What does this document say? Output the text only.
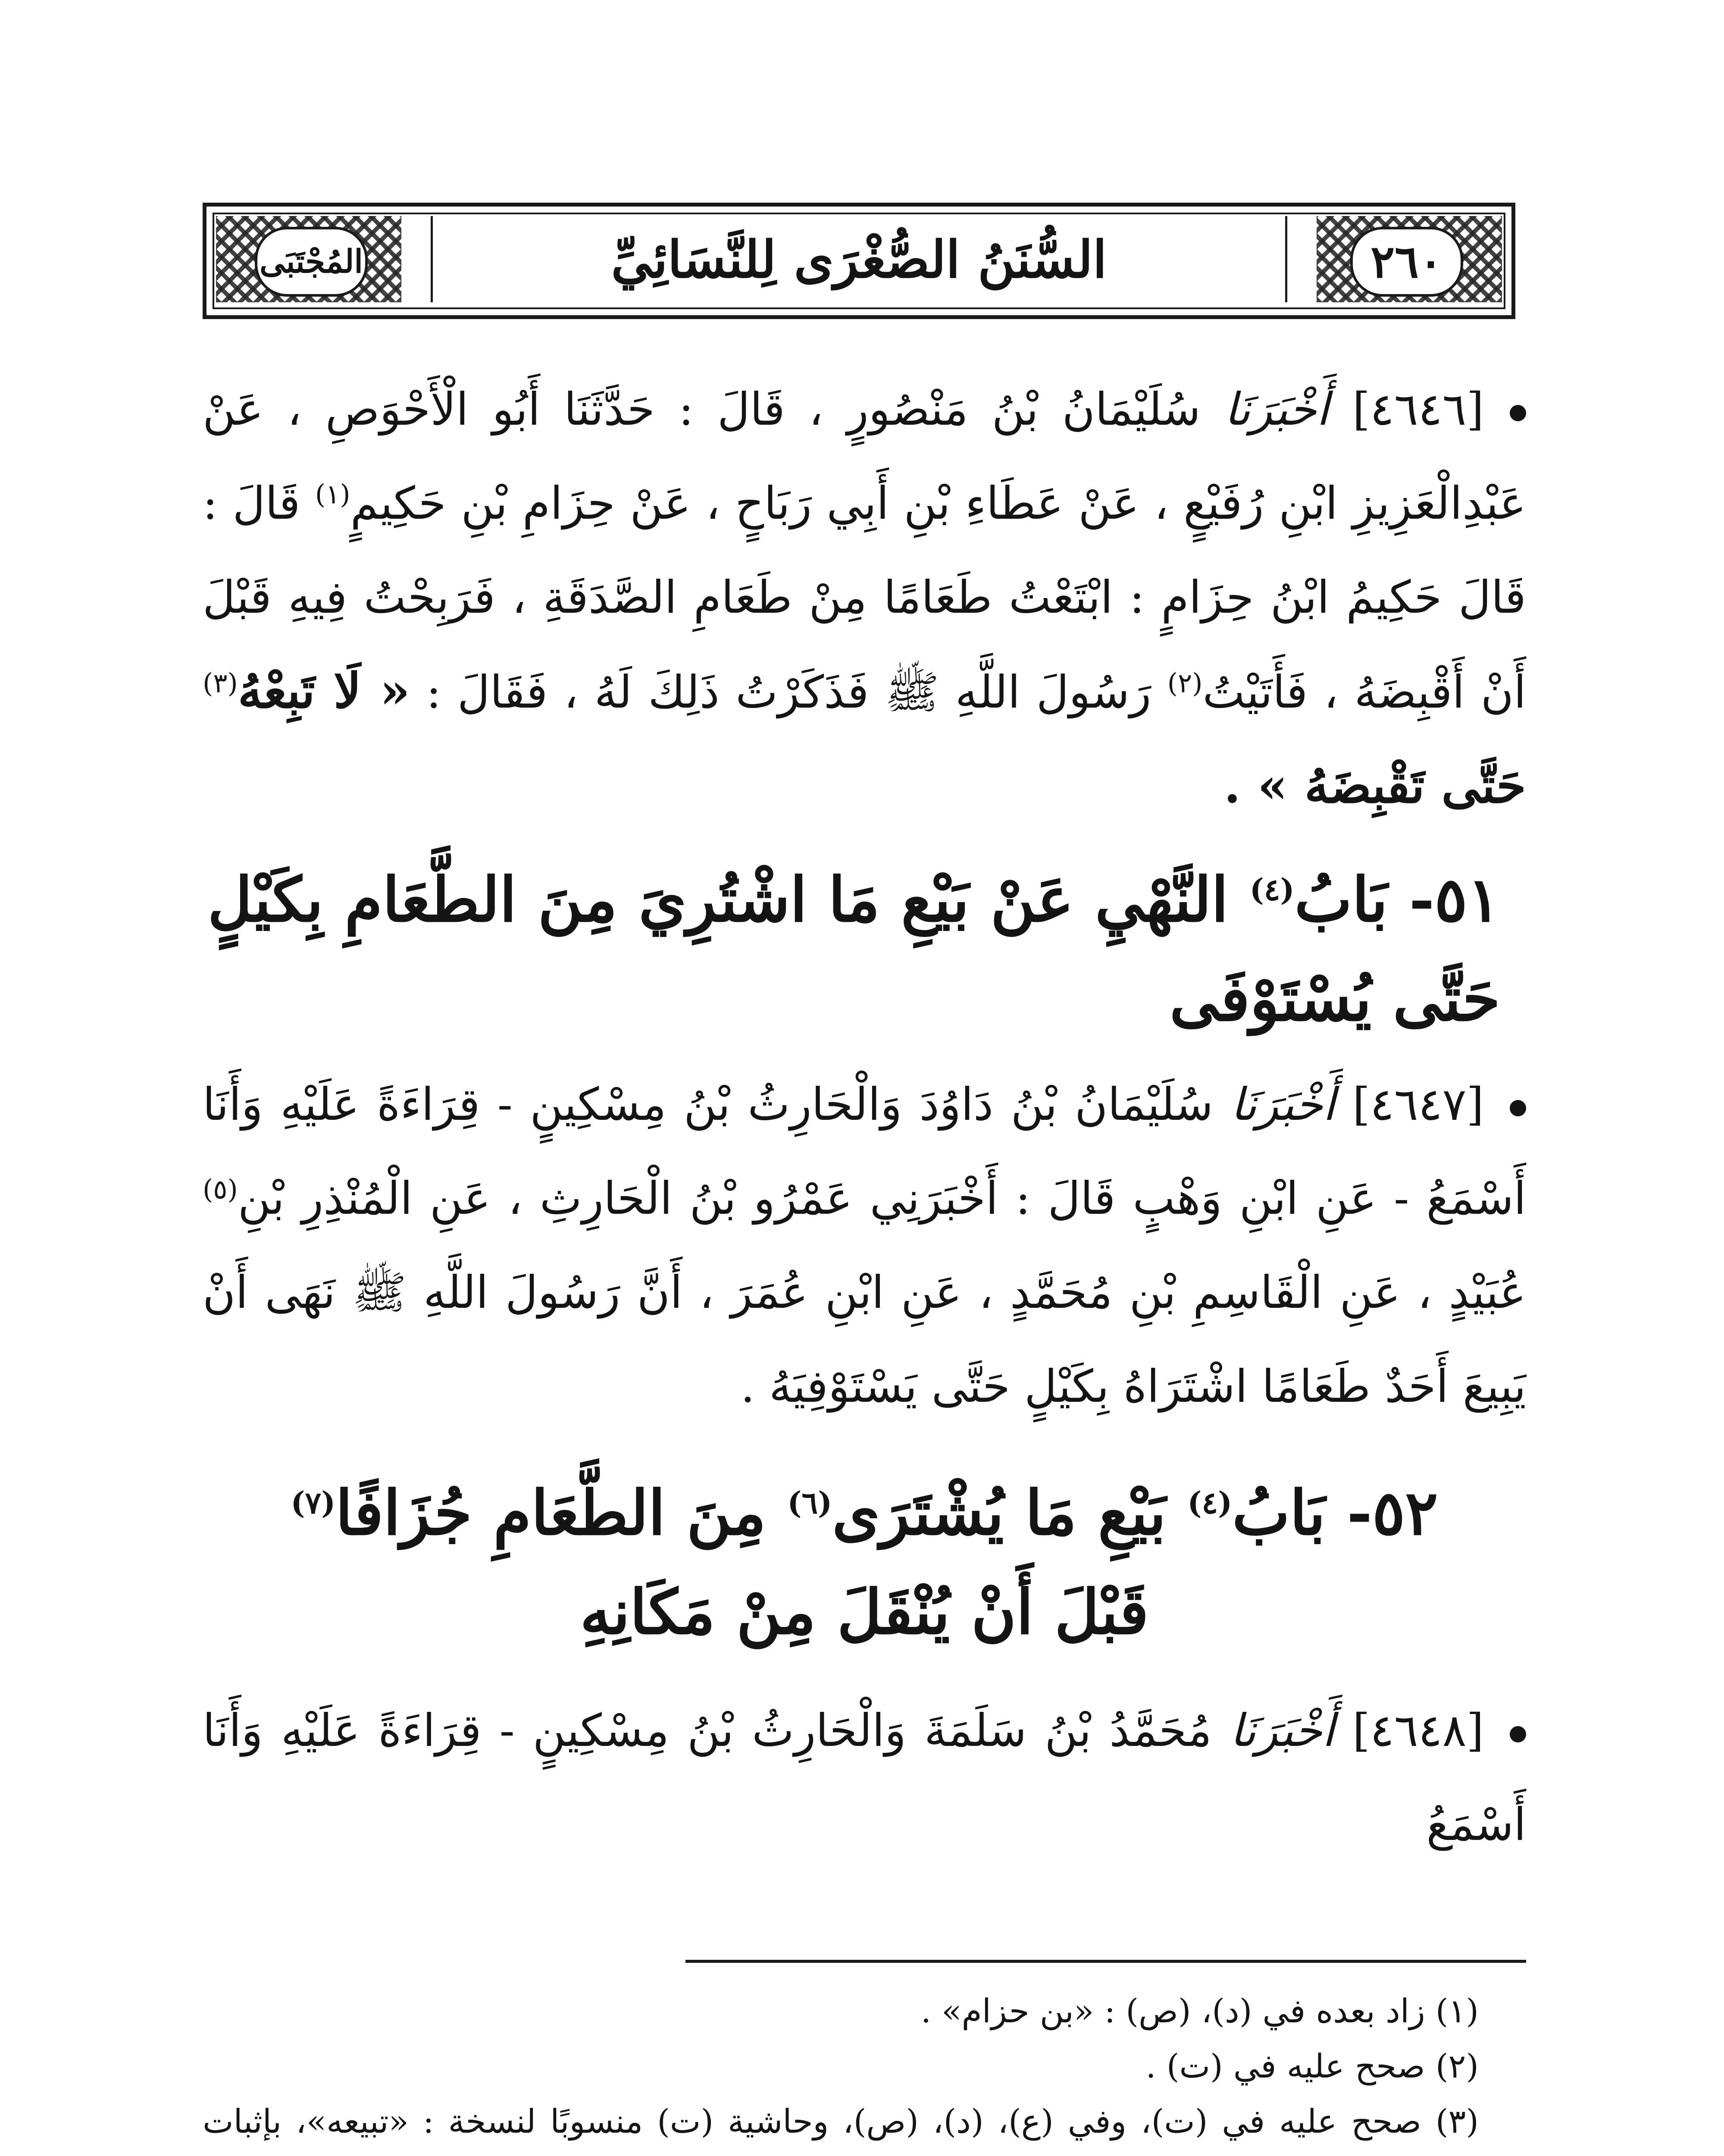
٢٦٠
السُّنَنُ الصُّغْرَى لِلنَّسَائِيِّ
المُجْتَبَى

[٤٦٤٦] أَخْبَرَنَا سُلَيْمَانُ بْنُ مَنْصُورٍ ، قَالَ : حَدَّثَنَا أَبُو الْأَحْوَصِ ، عَنْ عَبْدِالْعَزِيزِ ابْنِ رُفَيْعٍ ، عَنْ عَطَاءِ بْنِ أَبِي رَبَاحٍ ، عَنْ حِزَامِ بْنِ حَكِيمٍ$^{(١)}$ قَالَ : قَالَ حَكِيمُ ابْنُ حِزَامٍ : ابْتَعْتُ طَعَامًا مِنْ طَعَامِ الصَّدَقَةِ ، فَرَبِحْتُ فِيهِ قَبْلَ أَنْ أَقْبِضَهُ ، فَأَتَيْتُ$^{(٢)}$ رَسُولَ اللَّهِ ﷺ فَذَكَرْتُ ذَلِكَ لَهُ ، فَقَالَ : « لَا تَبِعْهُ$^{(٣)}$ حَتَّى تَقْبِضَهُ » .

٥١- بَابُ$^{(٤)}$ النَّهْيِ عَنْ بَيْعِ مَا اشْتُرِيَ مِنَ الطَّعَامِ بِكَيْلٍ حَتَّى يُسْتَوْفَى

[٤٦٤٧] أَخْبَرَنَا سُلَيْمَانُ بْنُ دَاوُدَ وَالْحَارِثُ بْنُ مِسْكِينٍ - قِرَاءَةً عَلَيْهِ وَأَنَا أَسْمَعُ - عَنِ ابْنِ وَهْبٍ قَالَ : أَخْبَرَنِي عَمْرُو بْنُ الْحَارِثِ ، عَنِ الْمُنْذِرِ بْنِ$^{(٥)}$ عُبَيْدٍ ، عَنِ الْقَاسِمِ بْنِ مُحَمَّدٍ ، عَنِ ابْنِ عُمَرَ ، أَنَّ رَسُولَ اللَّهِ ﷺ نَهَى أَنْ يَبِيعَ أَحَدٌ طَعَامًا اشْتَرَاهُ بِكَيْلٍ حَتَّى يَسْتَوْفِيَهُ .

٥٢- بَابُ$^{(٤)}$ بَيْعِ مَا يُشْتَرَى$^{(٦)}$ مِنَ الطَّعَامِ جُزَافًا$^{(٧)}$
قَبْلَ أَنْ يُنْقَلَ مِنْ مَكَانِهِ

[٤٦٤٨] أَخْبَرَنَا مُحَمَّدُ بْنُ سَلَمَةَ وَالْحَارِثُ بْنُ مِسْكِينٍ - قِرَاءَةً عَلَيْهِ وَأَنَا أَسْمَعُ

(١) زاد بعده في (د)، (ص) : «بن حزام» .

(٢) صحح عليه في (ت) .

(٣) صحح عليه في (ت)، وفي (ع)، (د)، (ص)، وحاشية (ت) منسوبًا لنسخة : «تبيعه»، بإثبات
